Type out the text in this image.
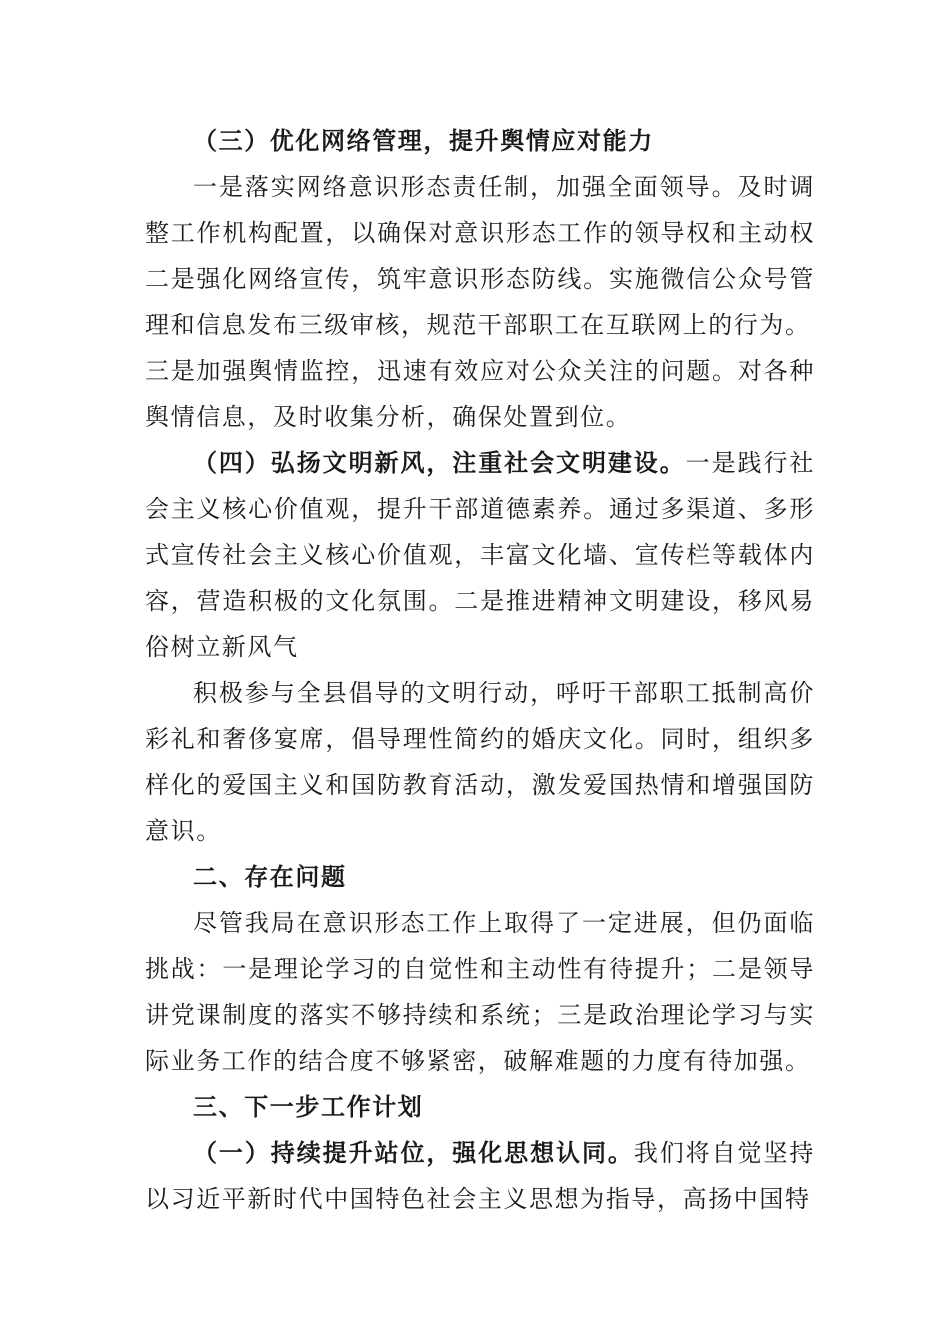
（三）优化网络管理，提升舆情应对能力

一是落实网络意识形态责任制，加强全面领导。及时调整工作机构配置，以确保对意识形态工作的领导权和主动权二是强化网络宣传，筑牢意识形态防线。实施微信公众号管理和信息发布三级审核，规范干部职工在互联网上的行为。

三是加强舆情监控，迅速有效应对公众关注的问题。对各种舆情信息，及时收集分析，确保处置到位。

（四）弘扬文明新风，注重社会文明建设。一是践行社会主义核心价值观，提升干部道德素养。通过多渠道、多形式宣传社会主义核心价值观，丰富文化墙、宣传栏等载体内容，营造积极的文化氛围。二是推进精神文明建设，移风易俗树立新风气

积极参与全县倡导的文明行动，呼吁干部职工抵制高价彩礼和奢侈宴席，倡导理性简约的婚庆文化。同时，组织多样化的爱国主义和国防教育活动，激发爱国热情和增强国防意识。

二、存在问题

尽管我局在意识形态工作上取得了一定进展，但仍面临挑战：一是理论学习的自觉性和主动性有待提升；二是领导讲党课制度的落实不够持续和系统；三是政治理论学习与实际业务工作的结合度不够紧密，破解难题的力度有待加强。

三、下一步工作计划

（一）持续提升站位，强化思想认同。我们将自觉坚持以习近平新时代中国特色社会主义思想为指导，高扬中国特
